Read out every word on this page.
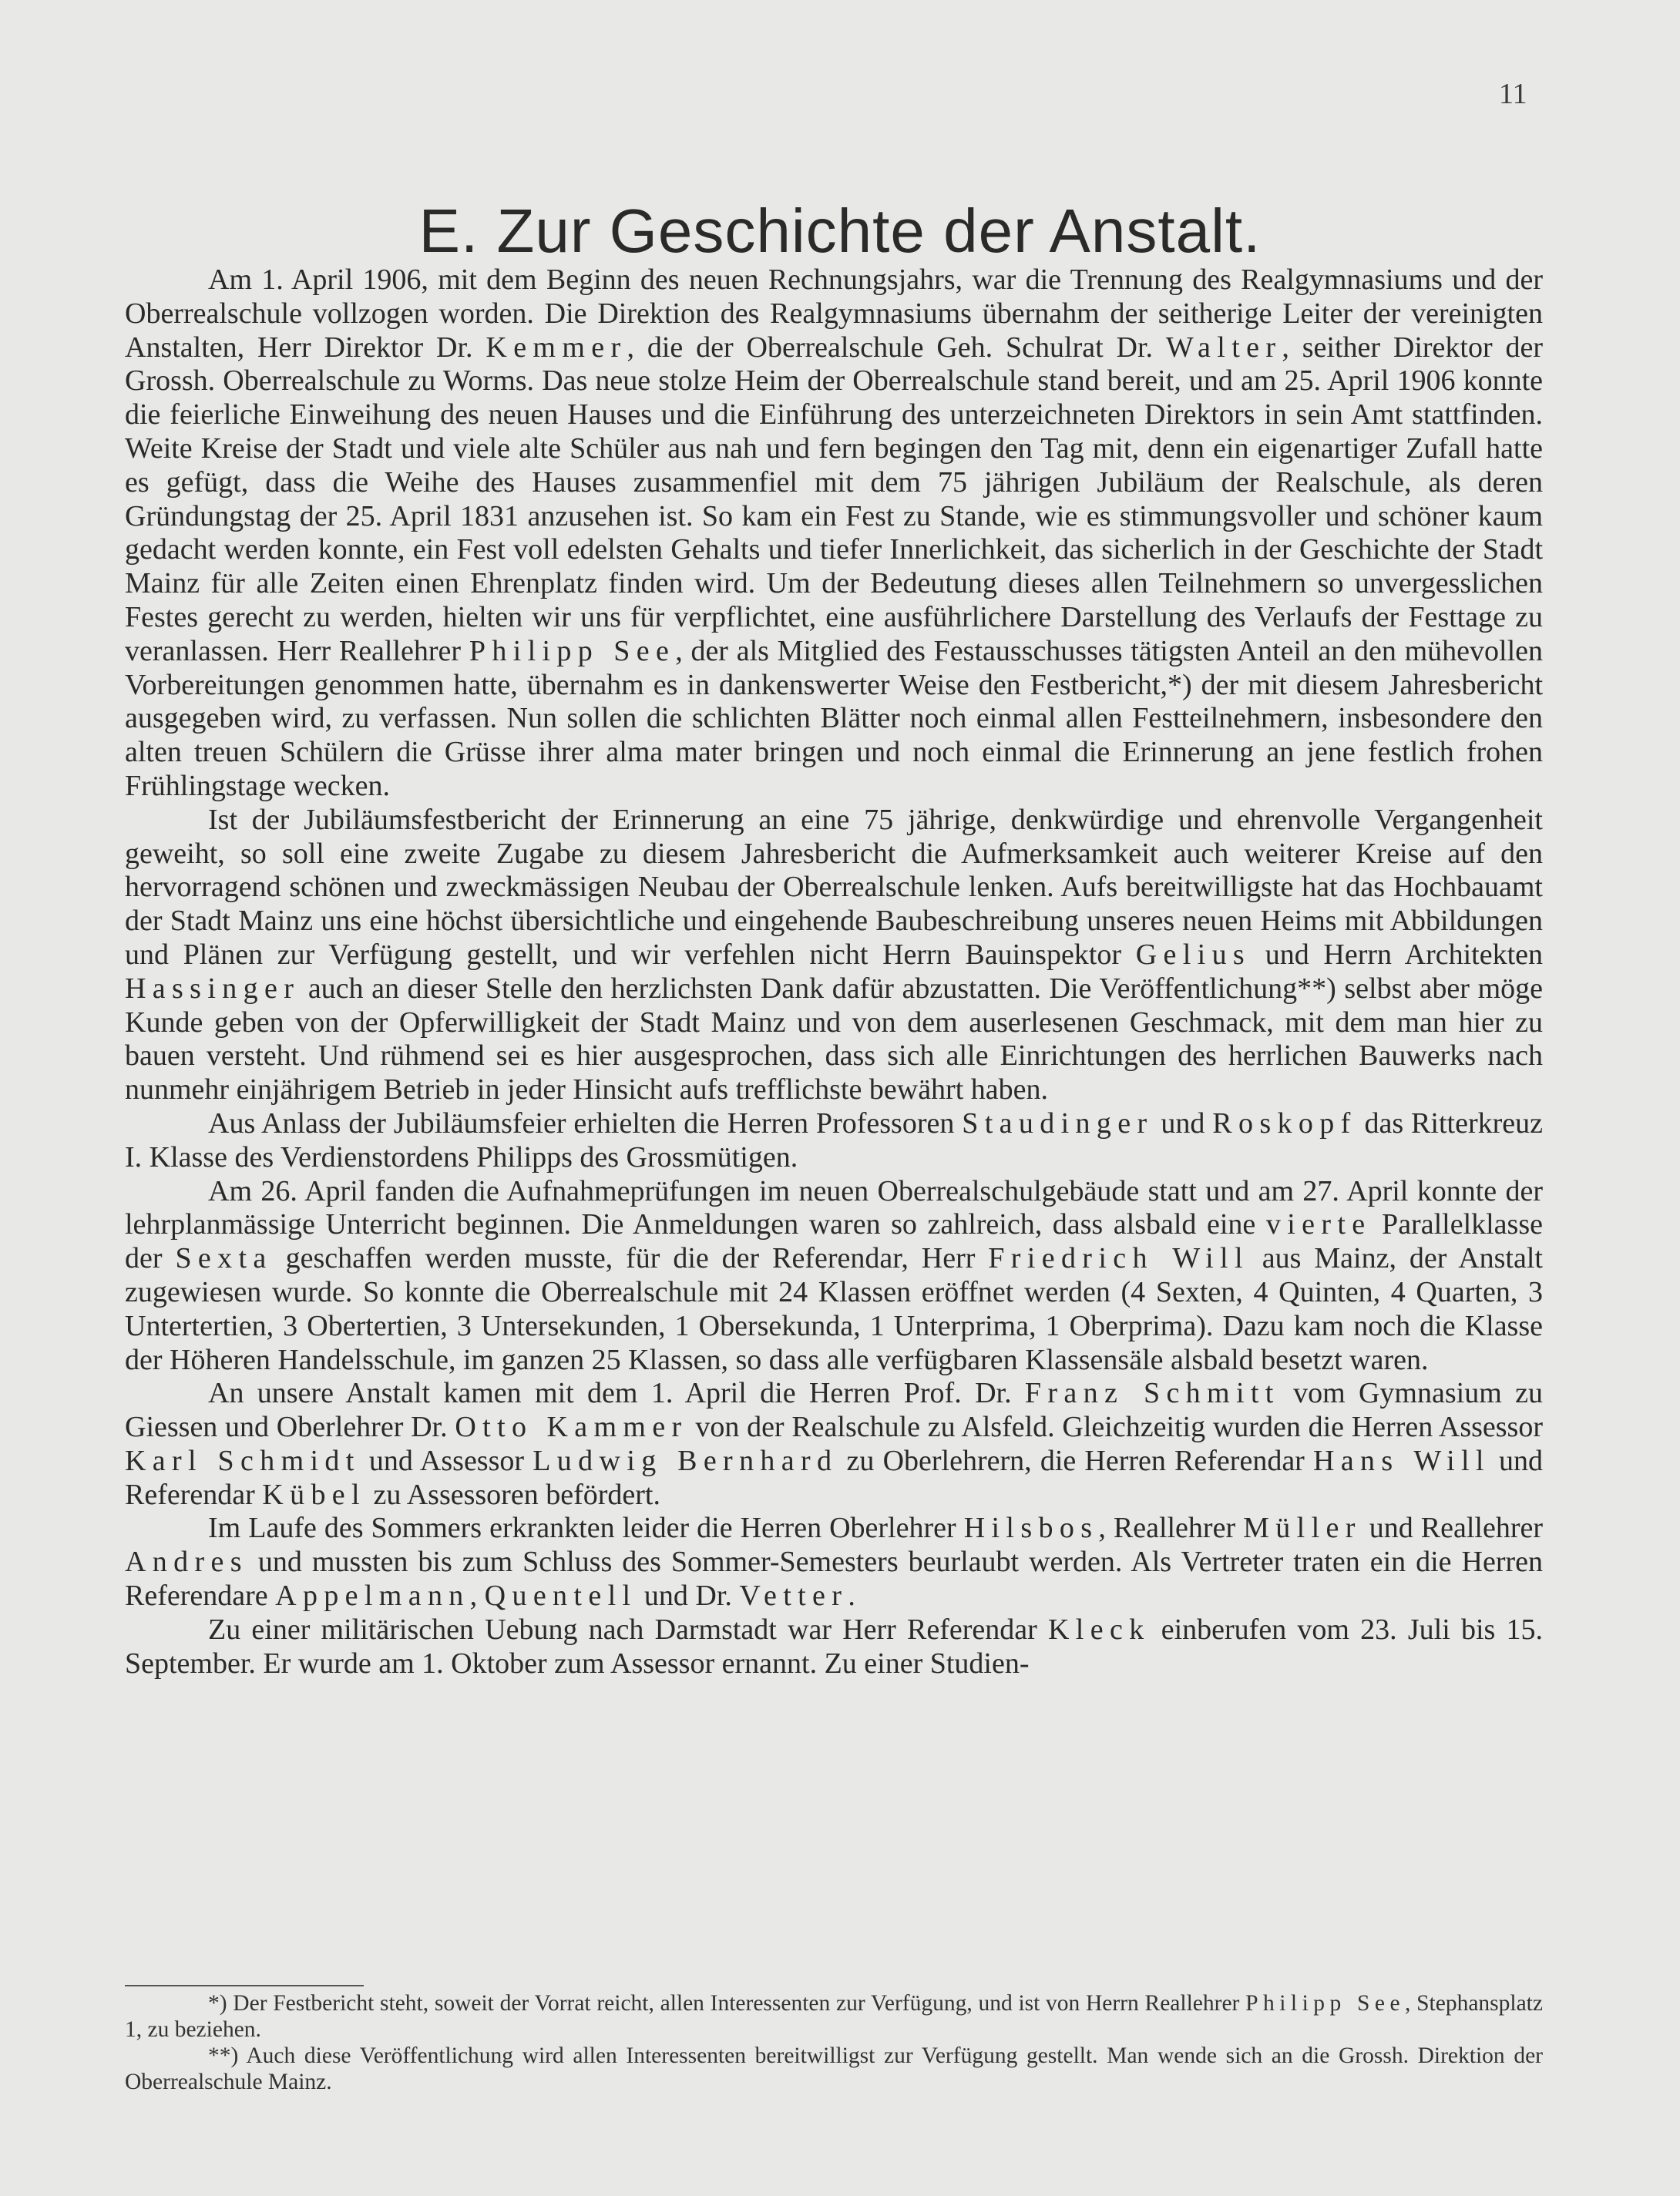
11
E. Zur Geschichte der Anstalt.

Am 1. April 1906, mit dem Beginn des neuen Rechnungsjahrs, war die Trennung des Realgymnasiums und der Oberrealschule vollzogen worden. Die Direktion des Realgymnasiums übernahm der seitherige Leiter der vereinigten Anstalten, Herr Direktor Dr. Kemmer, die der Oberrealschule Geh. Schulrat Dr. Walter, seither Direktor der Grossh. Oberrealschule zu Worms. Das neue stolze Heim der Oberrealschule stand bereit, und am 25. April 1906 konnte die feierliche Einweihung des neuen Hauses und die Einführung des unterzeichneten Direktors in sein Amt stattfinden. Weite Kreise der Stadt und viele alte Schüler aus nah und fern begingen den Tag mit, denn ein eigenartiger Zufall hatte es gefügt, dass die Weihe des Hauses zusammenfiel mit dem 75 jährigen Jubiläum der Realschule, als deren Gründungstag der 25. April 1831 anzusehen ist. So kam ein Fest zu Stande, wie es stimmungsvoller und schöner kaum gedacht werden konnte, ein Fest voll edelsten Gehalts und tiefer Innerlichkeit, das sicherlich in der Geschichte der Stadt Mainz für alle Zeiten einen Ehrenplatz finden wird. Um der Bedeutung dieses allen Teilnehmern so unvergesslichen Festes gerecht zu werden, hielten wir uns für verpflichtet, eine ausführlichere Darstellung des Verlaufs der Festtage zu veranlassen. Herr Reallehrer Philipp See, der als Mitglied des Festausschusses tätigsten Anteil an den mühevollen Vorbereitungen genommen hatte, übernahm es in dankenswerter Weise den Festbericht,*) der mit diesem Jahresbericht ausgegeben wird, zu verfassen. Nun sollen die schlichten Blätter noch einmal allen Festteilnehmern, insbesondere den alten treuen Schülern die Grüsse ihrer alma mater bringen und noch einmal die Erinnerung an jene festlich frohen Frühlingstage wecken.

Ist der Jubiläumsfestbericht der Erinnerung an eine 75 jährige, denkwürdige und ehrenvolle Vergangenheit geweiht, so soll eine zweite Zugabe zu diesem Jahresbericht die Aufmerksamkeit auch weiterer Kreise auf den hervorragend schönen und zweckmässigen Neubau der Oberrealschule lenken. Aufs bereitwilligste hat das Hochbauamt der Stadt Mainz uns eine höchst übersichtliche und eingehende Baubeschreibung unseres neuen Heims mit Abbildungen und Plänen zur Verfügung gestellt, und wir verfehlen nicht Herrn Bauinspektor Gelius und Herrn Architekten Hassinger auch an dieser Stelle den herzlichsten Dank dafür abzustatten. Die Veröffentlichung**) selbst aber möge Kunde geben von der Opferwilligkeit der Stadt Mainz und von dem auserlesenen Geschmack, mit dem man hier zu bauen versteht. Und rühmend sei es hier ausgesprochen, dass sich alle Einrichtungen des herrlichen Bauwerks nach nunmehr einjährigem Betrieb in jeder Hinsicht aufs trefflichste bewährt haben.

Aus Anlass der Jubiläumsfeier erhielten die Herren Professoren Staudinger und Roskopf das Ritterkreuz I. Klasse des Verdienstordens Philipps des Grossmütigen.

Am 26. April fanden die Aufnahmeprüfungen im neuen Oberrealschulgebäude statt und am 27. April konnte der lehrplanmässige Unterricht beginnen. Die Anmeldungen waren so zahlreich, dass alsbald eine vierte Parallelklasse der Sexta geschaffen werden musste, für die der Referendar, Herr Friedrich Will aus Mainz, der Anstalt zugewiesen wurde. So konnte die Oberrealschule mit 24 Klassen eröffnet werden (4 Sexten, 4 Quinten, 4 Quarten, 3 Untertertien, 3 Obertertien, 3 Untersekunden, 1 Obersekunda, 1 Unterprima, 1 Oberprima). Dazu kam noch die Klasse der Höheren Handelsschule, im ganzen 25 Klassen, so dass alle verfügbaren Klassensäle alsbald besetzt waren.

An unsere Anstalt kamen mit dem 1. April die Herren Prof. Dr. Franz Schmitt vom Gymnasium zu Giessen und Oberlehrer Dr. Otto Kammer von der Realschule zu Alsfeld. Gleichzeitig wurden die Herren Assessor Karl Schmidt und Assessor Ludwig Bernhard zu Oberlehrern, die Herren Referendar Hans Will und Referendar Kübel zu Assessoren befördert.

Im Laufe des Sommers erkrankten leider die Herren Oberlehrer Hilsbos, Reallehrer Müller und Reallehrer Andres und mussten bis zum Schluss des Sommer-Semesters beurlaubt werden. Als Vertreter traten ein die Herren Referendare Appelmann, Quentell und Dr. Vetter.

Zu einer militärischen Uebung nach Darmstadt war Herr Referendar Kleck einberufen vom 23. Juli bis 15. September. Er wurde am 1. Oktober zum Assessor ernannt. Zu einer Studien-

*) Der Festbericht steht, soweit der Vorrat reicht, allen Interessenten zur Verfügung, und ist von Herrn Reallehrer Philipp See, Stephansplatz 1, zu beziehen.

**) Auch diese Veröffentlichung wird allen Interessenten bereitwilligst zur Verfügung gestellt. Man wende sich an die Grossh. Direktion der Oberrealschule Mainz.
